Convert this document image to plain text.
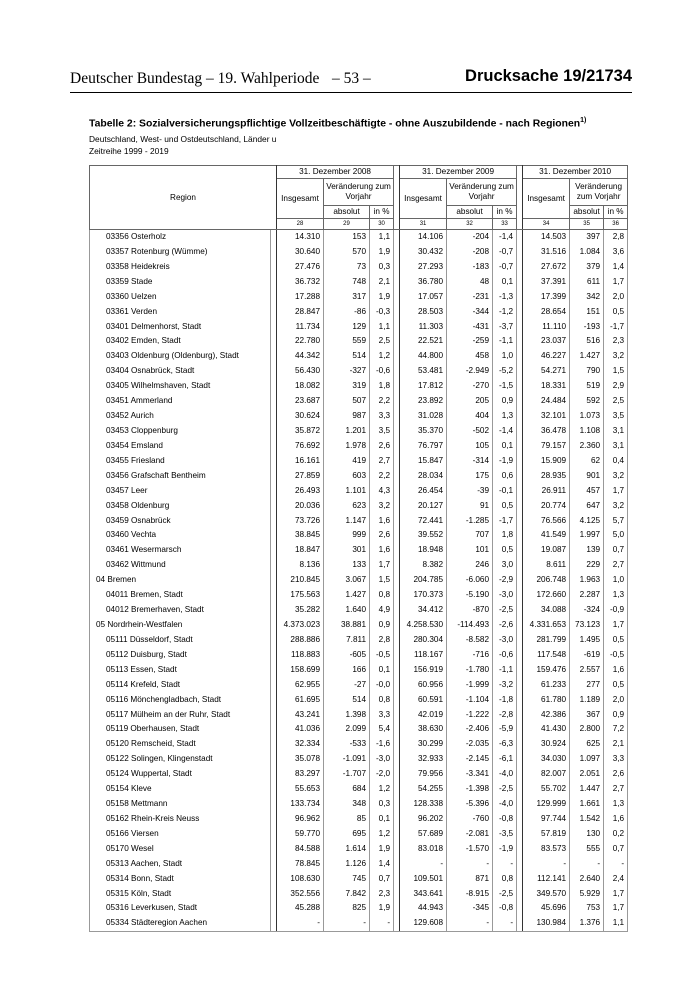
Deutscher Bundestag – 19. Wahlperiode – 53 –	Drucksache 19/21734
Tabelle 2: Sozialversicherungspflichtige Vollzeitbeschäftigte - ohne Auszubildende - nach Regionen$^{1)}$
Deutschland, West- und Ostdeutschland, Länder u
Zeitreihe 1999 - 2019
Region		31. Dezember 2008				31. Dezember 2009				31. Dezember 2010		
		Insgesamt	Veränderung zum Vorjahr			Insgesamt	Veränderung zum Vorjahr			Insgesamt	Veränderung zum Vorjahr	
			absolut	in %			absolut	in %			absolut	in %
		28	29	30		31	32	33		34	35	36
03356 Osterholz		14.310	153	1,1		14.106	-204	-1,4		14.503	397	2,8
03357 Rotenburg (Wümme)		30.640	570	1,9		30.432	-208	-0,7		31.516	1.084	3,6
03358 Heidekreis		27.476	73	0,3		27.293	-183	-0,7		27.672	379	1,4
03359 Stade		36.732	748	2,1		36.780	48	0,1		37.391	611	1,7
03360 Uelzen		17.288	317	1,9		17.057	-231	-1,3		17.399	342	2,0
03361 Verden		28.847	-86	-0,3		28.503	-344	-1,2		28.654	151	0,5
03401 Delmenhorst, Stadt		11.734	129	1,1		11.303	-431	-3,7		11.110	-193	-1,7
03402 Emden, Stadt		22.780	559	2,5		22.521	-259	-1,1		23.037	516	2,3
03403 Oldenburg (Oldenburg), Stadt		44.342	514	1,2		44.800	458	1,0		46.227	1.427	3,2
03404 Osnabrück, Stadt		56.430	-327	-0,6		53.481	-2.949	-5,2		54.271	790	1,5
03405 Wilhelmshaven, Stadt		18.082	319	1,8		17.812	-270	-1,5		18.331	519	2,9
03451 Ammerland		23.687	507	2,2		23.892	205	0,9		24.484	592	2,5
03452 Aurich		30.624	987	3,3		31.028	404	1,3		32.101	1.073	3,5
03453 Cloppenburg		35.872	1.201	3,5		35.370	-502	-1,4		36.478	1.108	3,1
03454 Emsland		76.692	1.978	2,6		76.797	105	0,1		79.157	2.360	3,1
03455 Friesland		16.161	419	2,7		15.847	-314	-1,9		15.909	62	0,4
03456 Grafschaft Bentheim		27.859	603	2,2		28.034	175	0,6		28.935	901	3,2
03457 Leer		26.493	1.101	4,3		26.454	-39	-0,1		26.911	457	1,7
03458 Oldenburg		20.036	623	3,2		20.127	91	0,5		20.774	647	3,2
03459 Osnabrück		73.726	1.147	1,6		72.441	-1.285	-1,7		76.566	4.125	5,7
03460 Vechta		38.845	999	2,6		39.552	707	1,8		41.549	1.997	5,0
03461 Wesermarsch		18.847	301	1,6		18.948	101	0,5		19.087	139	0,7
03462 Wittmund		8.136	133	1,7		8.382	246	3,0		8.611	229	2,7
04 Bremen		210.845	3.067	1,5		204.785	-6.060	-2,9		206.748	1.963	1,0
04011 Bremen, Stadt		175.563	1.427	0,8		170.373	-5.190	-3,0		172.660	2.287	1,3
04012 Bremerhaven, Stadt		35.282	1.640	4,9		34.412	-870	-2,5		34.088	-324	-0,9
05 Nordrhein-Westfalen		4.373.023	38.881	0,9		4.258.530	-114.493	-2,6		4.331.653	73.123	1,7
05111 Düsseldorf, Stadt		288.886	7.811	2,8		280.304	-8.582	-3,0		281.799	1.495	0,5
05112 Duisburg, Stadt		118.883	-605	-0,5		118.167	-716	-0,6		117.548	-619	-0,5
05113 Essen, Stadt		158.699	166	0,1		156.919	-1.780	-1,1		159.476	2.557	1,6
05114 Krefeld, Stadt		62.955	-27	-0,0		60.956	-1.999	-3,2		61.233	277	0,5
05116 Mönchengladbach, Stadt		61.695	514	0,8		60.591	-1.104	-1,8		61.780	1.189	2,0
05117 Mülheim an der Ruhr, Stadt		43.241	1.398	3,3		42.019	-1.222	-2,8		42.386	367	0,9
05119 Oberhausen, Stadt		41.036	2.099	5,4		38.630	-2.406	-5,9		41.430	2.800	7,2
05120 Remscheid, Stadt		32.334	-533	-1,6		30.299	-2.035	-6,3		30.924	625	2,1
05122 Solingen, Klingenstadt		35.078	-1.091	-3,0		32.933	-2.145	-6,1		34.030	1.097	3,3
05124 Wuppertal, Stadt		83.297	-1.707	-2,0		79.956	-3.341	-4,0		82.007	2.051	2,6
05154 Kleve		55.653	684	1,2		54.255	-1.398	-2,5		55.702	1.447	2,7
05158 Mettmann		133.734	348	0,3		128.338	-5.396	-4,0		129.999	1.661	1,3
05162 Rhein-Kreis Neuss		96.962	85	0,1		96.202	-760	-0,8		97.744	1.542	1,6
05166 Viersen		59.770	695	1,2		57.689	-2.081	-3,5		57.819	130	0,2
05170 Wesel		84.588	1.614	1,9		83.018	-1.570	-1,9		83.573	555	0,7
05313 Aachen, Stadt		78.845	1.126	1,4		-	-	-		-	-	-
05314 Bonn, Stadt		108.630	745	0,7		109.501	871	0,8		112.141	2.640	2,4
05315 Köln, Stadt		352.556	7.842	2,3		343.641	-8.915	-2,5		349.570	5.929	1,7
05316 Leverkusen, Stadt		45.288	825	1,9		44.943	-345	-0,8		45.696	753	1,7
05334 Städteregion Aachen		-	-	-		129.608	-	-		130.984	1.376	1,1
